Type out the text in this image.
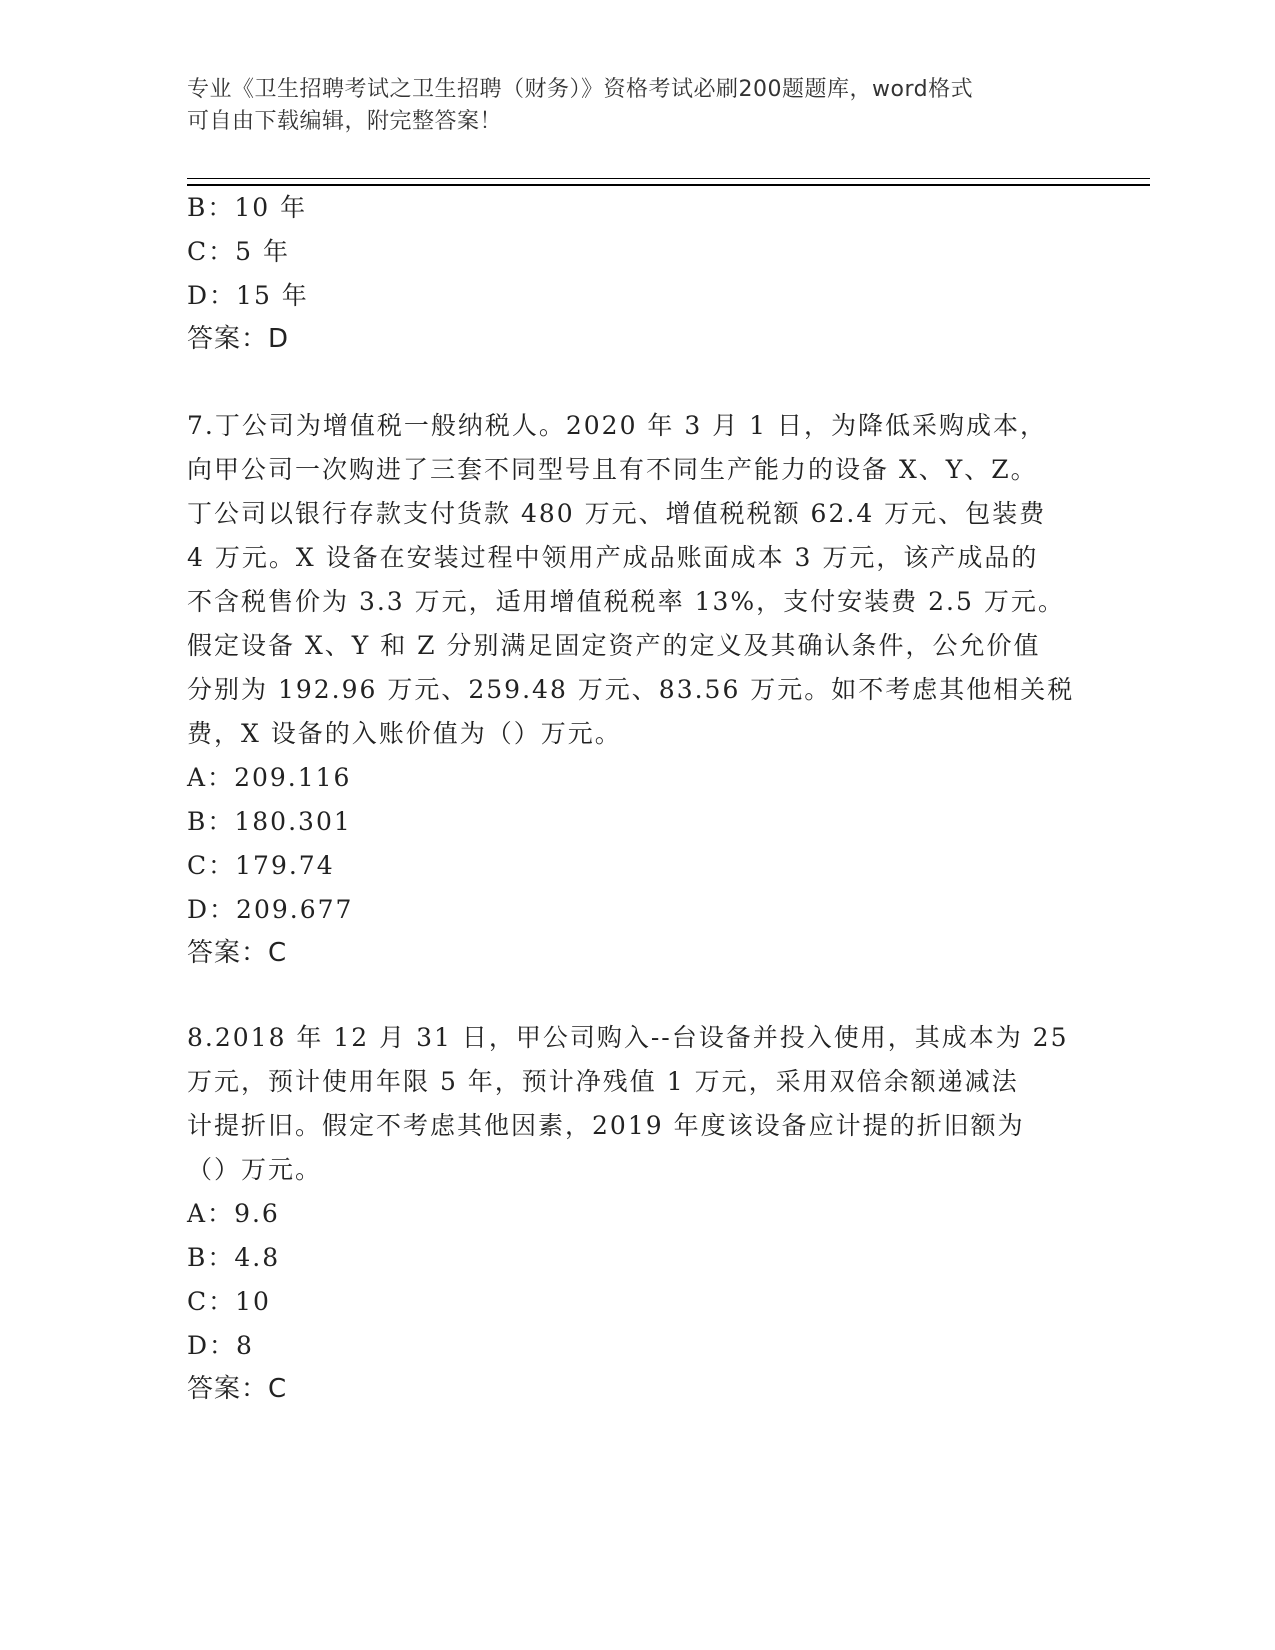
专业《卫生招聘考试之卫生招聘（财务）》资格考试必刷200题题库，word格式
可自由下载编辑，附完整答案！
B：10 年
C：5 年
D：15 年
答案：D
7.丁公司为增值税一般纳税人。2020 年 3 月 1 日，为降低采购成本，
向甲公司一次购进了三套不同型号且有不同生产能力的设备 X、Y、Z。
丁公司以银行存款支付货款 480 万元、增值税税额 62.4 万元、包装费
4 万元。X 设备在安装过程中领用产成品账面成本 3 万元，该产成品的
不含税售价为 3.3 万元，适用增值税税率 13%，支付安装费 2.5 万元。
假定设备 X、Y 和 Z 分别满足固定资产的定义及其确认条件，公允价值
分别为 192.96 万元、259.48 万元、83.56 万元。如不考虑其他相关税
费，X 设备的入账价值为（）万元。
A：209.116
B：180.301
C：179.74
D：209.677
答案：C
8.2018 年 12 月 31 日，甲公司购入--台设备并投入使用，其成本为 25
万元，预计使用年限 5 年，预计净残值 1 万元，采用双倍余额递减法
计提折旧。假定不考虑其他因素，2019 年度该设备应计提的折旧额为
（）万元。
A：9.6
B：4.8
C：10
D：8
答案：C
